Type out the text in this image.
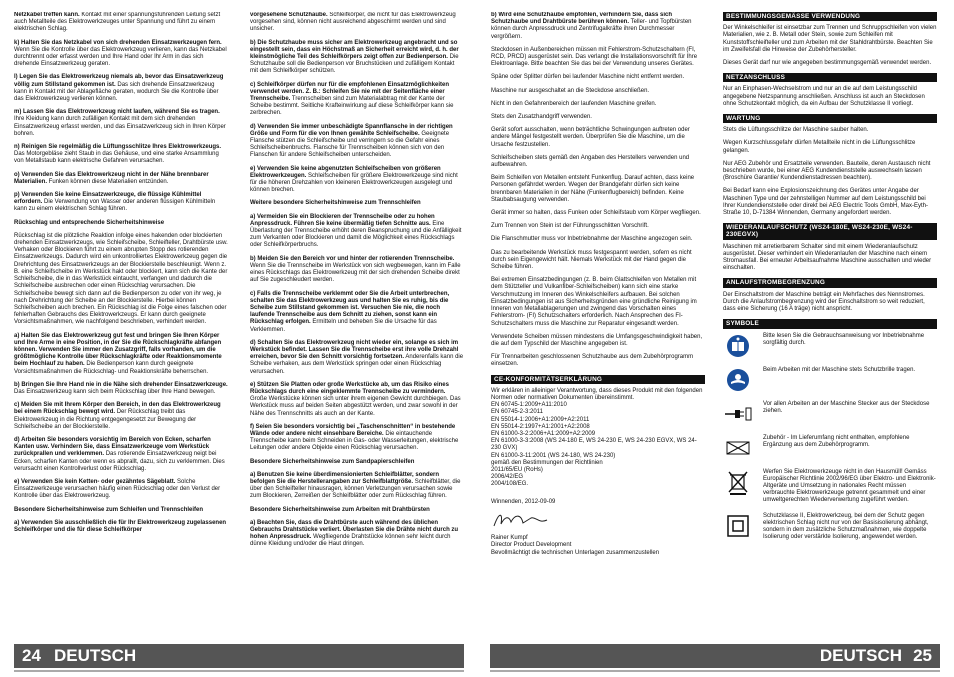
Netzkabel treffen kann. Kontakt mit einer spannungsführenden Leitung setzt auch Metallteile des Elektrowerkzeuges unter Spannung und führt zu einem elektrischen Schlag.

k) Halten Sie das Netzkabel von sich drehenden Einsatzwerkzeugen fern. Wenn Sie die Kontrolle über das Elektrowerkzeug verlieren, kann das Netzkabel durchtrennt oder erfasst werden und Ihre Hand oder Ihr Arm in das sich drehende Einsatzwerkzeug geraten.

l) Legen Sie das Elektrowerkzeug niemals ab, bevor das Einsatzwerkzeug völlig zum Stillstand gekommen ist. Das sich drehende Einsatzwerkzeug kann in Kontakt mit der Ablagefläche geraten, wodurch Sie die Kontrolle über das Elektrowerkzeug verlieren können.

m) Lassen Sie das Elektrowerkzeug nicht laufen, während Sie es tragen. Ihre Kleidung kann durch zufälligen Kontakt mit dem sich drehenden Einsatzwerkzeug erfasst werden, und das Einsatzwerkzeug sich in Ihren Körper bohren.

n) Reinigen Sie regelmäßig die Lüftungsschlitze Ihres Elektrowerkzeugs. Das Motorgebläse zieht Staub in das Gehäuse, und eine starke Ansammlung von Metallstaub kann elektrische Gefahren verursachen.

o) Verwenden Sie das Elektrowerkzeug nicht in der Nähe brennbarer Materialien. Funken können diese Materialien entzünden.

p) Verwenden Sie keine Einsatzwerkzeuge, die flüssige Kühlmittel erfordern. Die Verwendung von Wasser oder anderen flüssigen Kühlmitteln kann zu einem elektrischen Schlag führen.

Rückschlag und entsprechende Sicherheitshinweise

Rückschlag ist die plötzliche Reaktion infolge eines hakenden oder blockierten drehenden Einsatzwerkzeugs, wie Schleifscheibe, Schleifteller, Drahtbürste usw. Verhaken oder Blockieren führt zu einem abrupten Stopp des rotierenden Einsatzwerkzeugs. Dadurch wird ein unkontrolliertes Elektrowerkzeug gegen die Drehrichtung des Einsatzwerkzeugs an der Blockierstelle beschleunigt. Wenn z. B. eine Schleifscheibe im Werkstück hakt oder blockiert, kann sich die Kante der Schleifscheibe, die in das Werkstück eintaucht, verfangen und dadurch die Schleifscheibe ausbrechen oder einen Rückschlag verursachen. Die Schleifscheibe bewegt sich dann auf die Bedienperson zu oder von ihr weg, je nach Drehrichtung der Scheibe an der Blockierstelle. Hierbei können Schleifscheiben auch brechen. Ein Rückschlag ist die Folge eines falschen oder fehlerhaften Gebrauchs des Elektrowerkzeugs. Er kann durch geeignete Vorsichtsmaßnahmen, wie nachfolgend beschrieben, verhindert werden.

a) Halten Sie das Elektrowerkzeug gut fest und bringen Sie Ihren Körper und Ihre Arme in eine Position, in der Sie die Rückschlagkräfte abfangen können. Verwenden Sie immer den Zusatzgriff, falls vorhanden, um die größtmögliche Kontrolle über Rückschlagkräfte oder Reaktionsmomente beim Hochlauf zu haben. Die Bedienperson kann durch geeignete Vorsichtsmaßnahmen die Rückschlag- und Reaktionskräfte beherrschen.

b) Bringen Sie Ihre Hand nie in die Nähe sich drehender Einsatzwerkzeuge. Das Einsatzwerkzeug kann sich beim Rückschlag über Ihre Hand bewegen.

c) Meiden Sie mit Ihrem Körper den Bereich, in den das Elektrowerkzeug bei einem Rückschlag bewegt wird. Der Rückschlag treibt das Elektrowerkzeug in die Richtung entgegengesetzt zur Bewegung der Schleifscheibe an der Blockierstelle.

d) Arbeiten Sie besonders vorsichtig im Bereich von Ecken, scharfen Kanten usw. Verhindern Sie, dass Einsatzwerkzeuge vom Werkstück zurückprallen und verklemmen. Das rotierende Einsatzwerkzeug neigt bei Ecken, scharfen Kanten oder wenn es abprallt, dazu, sich zu verklemmen. Dies verursacht einen Kontrollverlust oder Rückschlag.

e) Verwenden Sie kein Ketten- oder gezähntes Sägeblatt. Solche Einsatzwerkzeuge verursachen häufig einen Rückschlag oder den Verlust der Kontrolle über das Elektrowerkzeug.

Besondere Sicherheitshinweise zum Schleifen und Trennschleifen

a) Verwenden Sie ausschließlich die für Ihr Elektrowerkzeug zugelassenen Schleifkörper und die für diese Schleifkörper

vorgesehene Schutzhaube. Schleifkörper, die nicht für das Elektrowerkzeug vorgesehen sind, können nicht ausreichend abgeschirmt werden und sind unsicher.

b) Die Schutzhaube muss sicher am Elektrowerkzeug angebracht und so eingestellt sein, dass ein Höchstmaß an Sicherheit erreicht wird, d. h. der kleinstmögliche Teil des Schleifkörpers zeigt offen zur Bedienperson. Die Schutzhaube soll die Bedienperson vor Bruchstücken und zufälligem Kontakt mit dem Schleifkörper schützen.

c) Schleifkörper dürfen nur für die empfohlenen Einsatzmöglichkeiten verwendet werden. Z. B.: Schleifen Sie nie mit der Seitenfläche einer Trennscheibe. Trennscheiben sind zum Materialabtrag mit der Kante der Scheibe bestimmt. Seitliche Krafteinwirkung auf diese Schleifkörper kann sie zerbrechen.

d) Verwenden Sie immer unbeschädigte Spannflansche in der richtigen Größe und Form für die von Ihnen gewählte Schleifscheibe. Geeignete Flansche stützen die Schleifscheibe und verringern so die Gefahr eines Schleifscheibenbruchs. Flansche für Trennscheiben können sich von den Flanschen für andere Schleifscheiben unterscheiden.

e) Verwenden Sie keine abgenutzten Schleifscheiben von größeren Elektrowerkzeugen. Schleifscheiben für größere Elektrowerkzeuge sind nicht für die höheren Drehzahlen von kleineren Elektrowerkzeugen ausgelegt und können brechen.

Weitere besondere Sicherheitshinweise zum Trennschleifen

a) Vermeiden Sie ein Blockieren der Trennscheibe oder zu hohen Anpressdruck. Führen Sie keine übermäßig tiefen Schnitte aus. Eine Überlastung der Trennscheibe erhöht deren Beanspruchung und die Anfälligkeit zum Verkanten oder Blockieren und damit die Möglichkeit eines Rückschlags oder Schleifkörperbruchs.

b) Meiden Sie den Bereich vor und hinter der rotierenden Trennscheibe. Wenn Sie die Trennscheibe im Werkstück von sich wegbewegen, kann im Falle eines Rückschlags das Elektrowerkzeug mit der sich drehenden Scheibe direkt auf Sie zugeschleudert werden.

c) Falls die Trennscheibe verklemmt oder Sie die Arbeit unterbrechen, schalten Sie das Elektrowerkzeug aus und halten Sie es ruhig, bis die Scheibe zum Stillstand gekommen ist. Versuchen Sie nie, die noch laufende Trennscheibe aus dem Schnitt zu ziehen, sonst kann ein Rückschlag erfolgen. Ermitteln und beheben Sie die Ursache für das Verklemmen.

d) Schalten Sie das Elektrowerkzeug nicht wieder ein, solange es sich im Werkstück befindet. Lassen Sie die Trennscheibe erst ihre volle Drehzahl erreichen, bevor Sie den Schnitt vorsichtig fortsetzen. Anderenfalls kann die Scheibe verhaken, aus dem Werkstück springen oder einen Rückschlag verursachen.

e) Stützen Sie Platten oder große Werkstücke ab, um das Risiko eines Rückschlags durch eine eingeklemmte Trennscheibe zu vermindern. Große Werkstücke können sich unter ihrem eigenen Gewicht durchbiegen. Das Werkstück muss auf beiden Seiten abgestützt werden, und zwar sowohl in der Nähe des Trennschnitts als auch an der Kante.

f) Seien Sie besonders vorsichtig bei „Taschenschnitten“ in bestehende Wände oder andere nicht einsehbare Bereiche. Die eintauchende Trennscheibe kann beim Schneiden in Gas- oder Wasserleitungen, elektrische Leitungen oder andere Objekte einen Rückschlag verursachen.

Besondere Sicherheitshinweise zum Sandpapierschleifen

a) Benutzen Sie keine überdimensionierten Schleifblätter, sondern befolgen Sie die Herstellerangaben zur Schleifblattgröße. Schleifblätter, die über den Schleifteller hinausragen, können Verletzungen verursachen sowie zum Blockieren, Zerreißen der Schleifblätter oder zum Rückschlag führen.

Besondere Sicherheitshinweise zum Arbeiten mit Drahtbürsten

a) Beachten Sie, dass die Drahtbürste auch während des üblichen Gebrauchs Drahtstücke verliert. Überlasten Sie die Drähte nicht durch zu hohen Anpressdruck. Wegfliegende Drahtstücke können sehr leicht durch dünne Kleidung und/oder die Haut dringen.

b) Wird eine Schutzhaube empfohlen, verhindern Sie, dass sich Schutzhaube und Drahtbürste berühren können. Teller- und Topfbürsten können durch Anpressdruck und Zentrifugalkräfte ihren Durchmesser vergrößern.

Steckdosen in Außenbereichen müssen mit Fehlerstrom-Schutzschaltern (FI, RCD, PRCD) ausgerüstet sein. Das verlangt die Installationsvorschrift für Ihre Elektroanlage. Bitte beachten Sie das bei der Verwendung unseres Gerätes.

Späne oder Splitter dürfen bei laufender Maschine nicht entfernt werden.

Maschine nur ausgeschaltet an die Steckdose anschließen.

Nicht in den Gefahrenbereich der laufenden Maschine greifen.

Stets den Zusatzhandgriff verwenden.

Gerät sofort ausschalten, wenn beträchtliche Schwingungen auftreten oder andere Mängel festgestellt werden. Überprüfen Sie die Maschine, um die Ursache festzustellen.

Schleifscheiben stets gemäß den Angaben des Herstellers verwenden und aufbewahren.

Beim Schleifen von Metallen entsteht Funkenflug. Darauf achten, dass keine Personen gefährdet werden. Wegen der Brandgefahr dürfen sich keine brennbaren Materialien in der Nähe (Funkenflugbereich) befinden. Keine Staubabsaugung verwenden.

Gerät immer so halten, dass Funken oder Schleifstaub vom Körper wegfliegen.

Zum Trennen von Stein ist der Führungsschlitten Vorschrift.

Die Flanschmutter muss vor Inbetriebnahme der Maschine angezogen sein.

Das zu bearbeitende Werkstück muss festgespannt werden, sofern es nicht durch sein Eigengewicht hält. Niemals Werkstück mit der Hand gegen die Scheibe führen.

Bei extremen Einsatzbedingungen (z. B. beim Glattschleifen von Metallen mit dem Stützteller und Vulkanfiber-Schleifscheiben) kann sich eine starke Verschmutzung im Inneren des Winkelschleifers aufbauen. Bei solchen Einsatzbedingungen ist aus Sicherheitsgründen eine gründliche Reinigung im Inneren von Metallablagerungen und zwingend das Vorschalten eines Fehlerstrom- (FI) Schutzschalters erforderlich. Nach Ansprechen des FI-Schutzschalters muss die Maschine zur Reparatur eingesandt werden.

Verwendete Scheiben müssen mindestens die Umfangsgeschwindigkeit haben, die auf dem Typschild der Maschine angegeben ist.

Für Trennarbeiten geschlossenen Schutzhaube aus dem Zubehörprogramm einsetzen.

CE-KONFORMITÄTSERKLÄRUNG

Wir erklären in alleiniger Verantwortung, dass dieses Produkt mit den folgenden Normen oder normativen Dokumenten übereinstimmt.

EN 60745-1:2009+A11:2010
EN 60745-2-3:2011
EN 55014-1:2006+A1:2009+A2:2011
EN 55014-2:1997+A1:2001+A2:2008
EN 61000-3-2:2006+A1:2009+A2:2009
EN 61000-3-3:2008 (WS 24-180 E, WS 24-230 E, WS 24-230 EGVX, WS 24-230 GVX)
EN 61000-3-11:2001 (WS 24-180, WS 24-230)
gemäß den Bestimmungen der Richtlinien
2011/65/EU (RoHs)
2006/42/EG
2004/108/EG.

Winnenden, 2012-09-09

Rainer Kumpf
Director Product Development
Bevollmächtigt die technischen Unterlagen zusammenzustellen
BESTIMMUNGSGEMÄSSE VERWENDUNG

Der Winkelschleifer ist einsetzbar zum Trennen und Schruppschleifen von vielen Materialien, wie z. B. Metall oder Stein, sowie zum Schleifen mit Kunststoffschleifteller und zum Arbeiten mit der Stahldrahtbürste. Beachten Sie im Zweifelsfall die Hinweise der Zubehörhersteller.

Dieses Gerät darf nur wie angegeben bestimmungsgemäß verwendet werden.

NETZANSCHLUSS

Nur an Einphasen-Wechselstrom und nur an die auf dem Leistungsschild angegebene Netzspannung anschließen. Anschluss ist auch an Steckdosen ohne Schutzkontakt möglich, da ein Aufbau der Schutzklasse II vorliegt.

WARTUNG

Stets die Lüftungsschlitze der Maschine sauber halten.

Wegen Kurzschlussgefahr dürfen Metallteile nicht in die Lüftungsschlitze gelangen.

Nur AEG Zubehör und Ersatzteile verwenden. Bauteile, deren Austausch nicht beschrieben wurde, bei einer AEG Kundendienststelle auswechseln lassen (Broschüre Garantie/ Kundendienstadressen beachten).

Bei Bedarf kann eine Explosionszeichnung des Gerätes unter Angabe der Maschinen Type und der zehnstelligen Nummer auf dem Leistungsschild bei Ihrer Kundendienststelle oder direkt bei AEG Electric Tools GmbH, Max-Eyth-Straße 10, D-71384 Winnenden, Germany angefordert werden.

WIEDERANLAUFSCHUTZ (WS24-180E, WS24-230E, WS24-230EGVX)

Maschinen mit arretierbarem Schalter sind mit einem Wiederanlaufschutz ausgerüstet. Dieser verhindert ein Wiederanlaufen der Maschine nach einem Stromausfall. Bei erneuter Arbeitsaufnahme Maschine ausschalten und wieder einschalten.

ANLAUFSTROMBEGRENZUNG

Der Einschaltstrom der Maschine beträgt ein Mehrfaches des Nennstromes. Durch die Anlaufstrombegrenzung wird der Einschaltstrom so weit reduziert, dass eine Sicherung (16 A träge) nicht anspricht.

SYMBOLE
Bitte lesen Sie die Gebrauchsanweisung vor Inbetriebnahme sorgfältig durch.
Beim Arbeiten mit der Maschine stets Schutzbrille tragen.
Vor allen Arbeiten an der Maschine Stecker aus der Steckdose ziehen.
Zubehör - Im Lieferumfang nicht enthalten, empfohlene Ergänzung aus dem Zubehörprogramm.
Werfen Sie Elektrowerkzeuge nicht in den Hausmüll! Gemäss Europäischer Richtlinie 2002/96/EG über Elektro- und Elektronik- Altgeräte und Umsetzung in nationales Recht müssen verbrauchte Elektrowerkzeuge getrennt gesammelt und einer umweltgerechten Wiederverwertung zugeführt werden.
Schutzklasse II, Elektrowerkzeug, bei dem der Schutz gegen elektrischen Schlag nicht nur von der Basisisolierung abhängt, sondern in dem zusätzliche Schutzmaßnahmen, wie doppelte Isolierung oder verstärkte Isolierung, angewendet werden.
24 DEUTSCH	DEUTSCH 25
